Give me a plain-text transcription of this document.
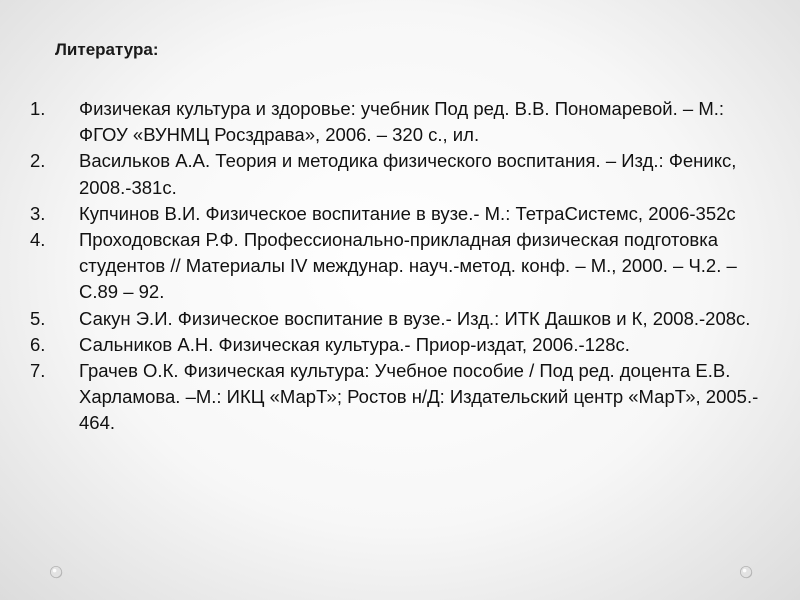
Литература:
1.	Физичекая культура и здоровье: учебник Под ред. В.В. Пономаревой. – М.: ФГОУ «ВУНМЦ Росздрава», 2006. – 320 с., ил.
2.	Васильков А.А. Теория и методика физического воспитания. – Изд.: Феникс, 2008.-381с.
3.	Купчинов В.И. Физическое воспитание в вузе.- М.: ТетраСистемс, 2006-352с
4.	Проходовская Р.Ф. Профессионально-прикладная физическая подготовка студентов // Материалы IV междунар. науч.-метод. конф. – М., 2000. – Ч.2. –С.89 – 92.
5.	Сакун Э.И. Физическое воспитание в вузе.- Изд.: ИТК Дашков и К, 2008.-208с.
6.	Сальников А.Н. Физическая культура.- Приор-издат, 2006.-128с.
7.	Грачев О.К. Физическая культура: Учебное пособие / Под ред. доцента Е.В. Харламова. –М.: ИКЦ «МарТ»; Ростов н/Д: Издательский центр «МарТ», 2005.- 464.
